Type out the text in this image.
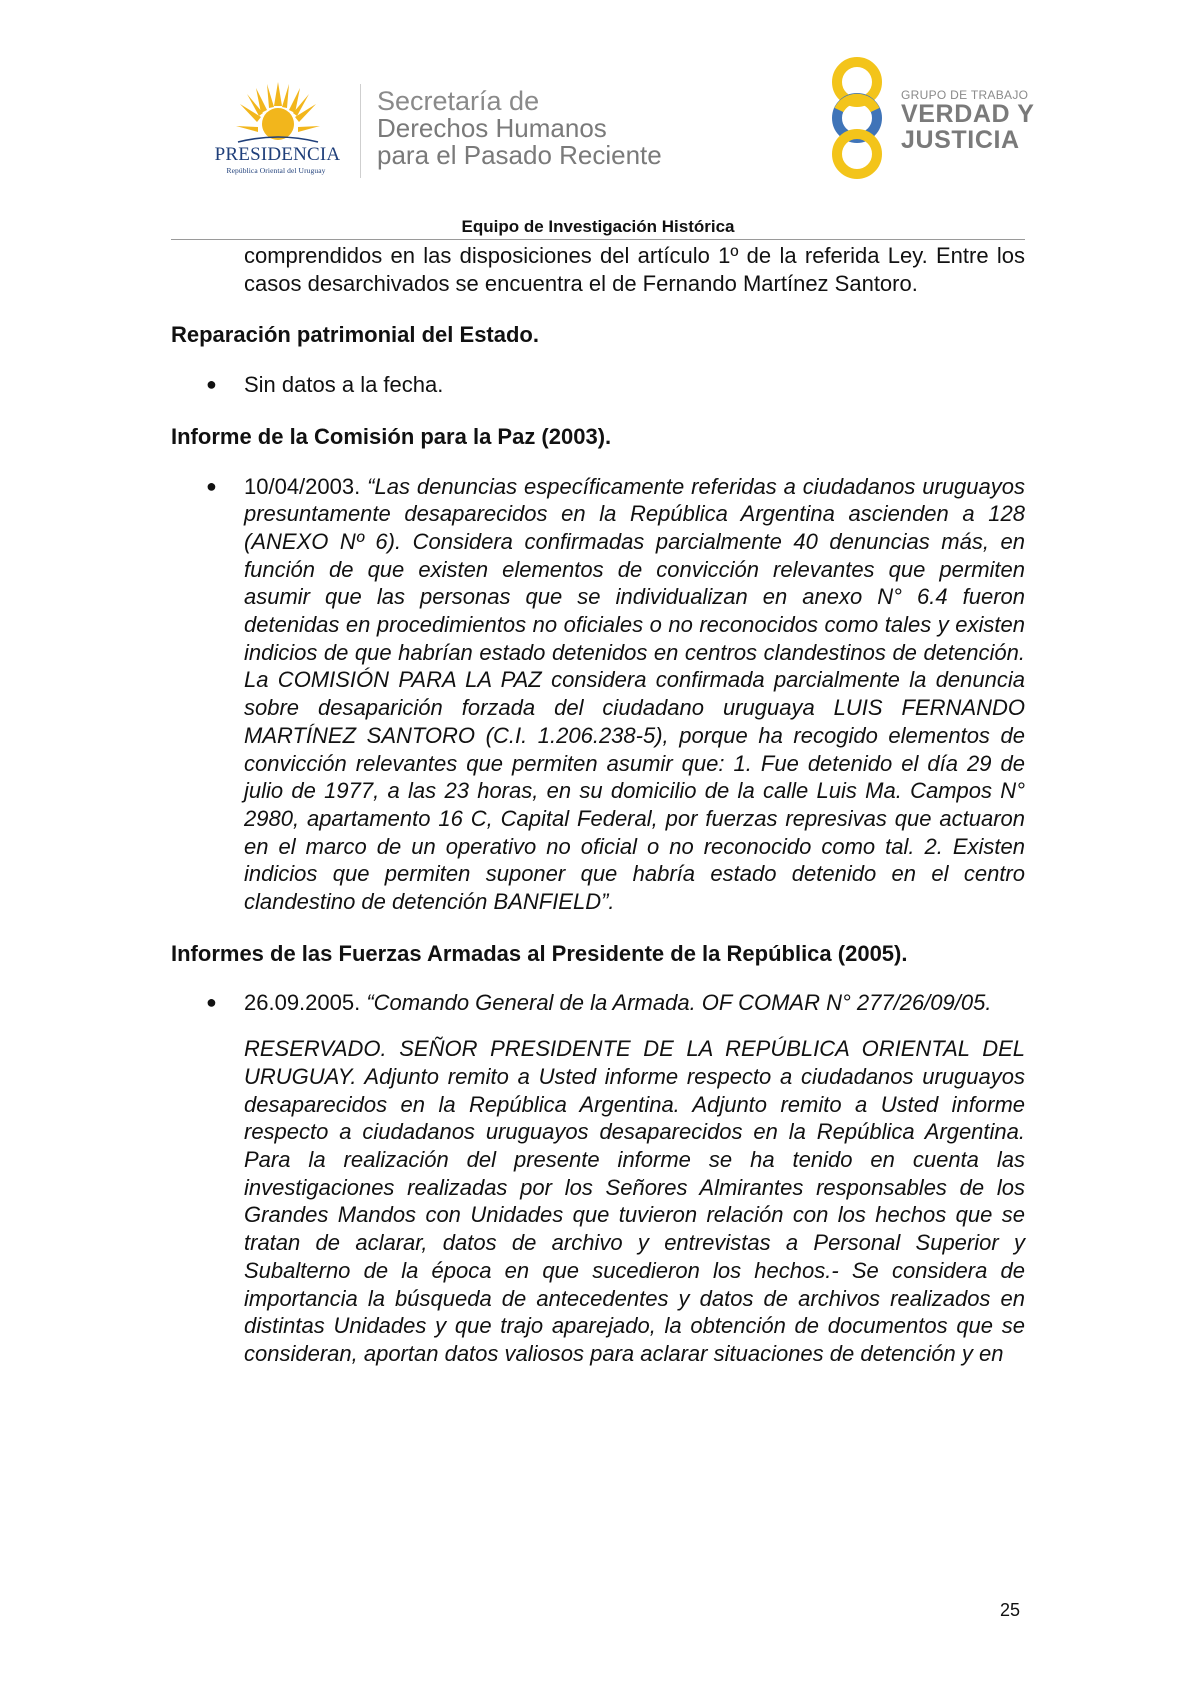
PRESIDENCIA
República Oriental del Uruguay
Secretaría de
Derechos Humanos
para el Pasado Reciente
GRUPO DE TRABAJO
VERDAD Y
JUSTICIA
Equipo de Investigación Histórica

comprendidos en las disposiciones del artículo 1º de la referida Ley. Entre los casos desarchivados se encuentra el de Fernando Martínez Santoro.

Reparación patrimonial del Estado.

● Sin datos a la fecha.

Informe de la Comisión para la Paz (2003).

● 10/04/2003. “Las denuncias específicamente referidas a ciudadanos uruguayos presuntamente desaparecidos en la República Argentina ascienden a 128 (ANEXO Nº 6). Considera confirmadas parcialmente 40 denuncias más, en función de que existen elementos de convicción relevantes que permiten asumir que las personas que se individualizan en anexo N° 6.4 fueron detenidas en procedimientos no oficiales o no reconocidos como tales y existen indicios de que habrían estado detenidos en centros clandestinos de detención. La COMISIÓN PARA LA PAZ considera confirmada parcialmente la denuncia sobre desaparición forzada del ciudadano uruguaya LUIS FERNANDO MARTÍNEZ SANTORO (C.I. 1.206.238-5), porque ha recogido elementos de convicción relevantes que permiten asumir que: 1. Fue detenido el día 29 de julio de 1977, a las 23 horas, en su domicilio de la calle Luis Ma. Campos N° 2980, apartamento 16 C, Capital Federal, por fuerzas represivas que actuaron en el marco de un operativo no oficial o no reconocido como tal. 2. Existen indicios que permiten suponer que habría estado detenido en el centro clandestino de detención BANFIELD”.

Informes de las Fuerzas Armadas al Presidente de la República (2005).

● 26.09.2005. “Comando General de la Armada. OF COMAR N° 277/26/09/05.

RESERVADO. SEÑOR PRESIDENTE DE LA REPÚBLICA ORIENTAL DEL URUGUAY. Adjunto remito a Usted informe respecto a ciudadanos uruguayos desaparecidos en la República Argentina. Adjunto remito a Usted informe respecto a ciudadanos uruguayos desaparecidos en la República Argentina. Para la realización del presente informe se ha tenido en cuenta las investigaciones realizadas por los Señores Almirantes responsables de los Grandes Mandos con Unidades que tuvieron relación con los hechos que se tratan de aclarar, datos de archivo y entrevistas a Personal Superior y Subalterno de la época en que sucedieron los hechos.- Se considera de importancia la búsqueda de antecedentes y datos de archivos realizados en distintas Unidades y que trajo aparejado, la obtención de documentos que se consideran, aportan datos valiosos para aclarar situaciones de detención y en

25
